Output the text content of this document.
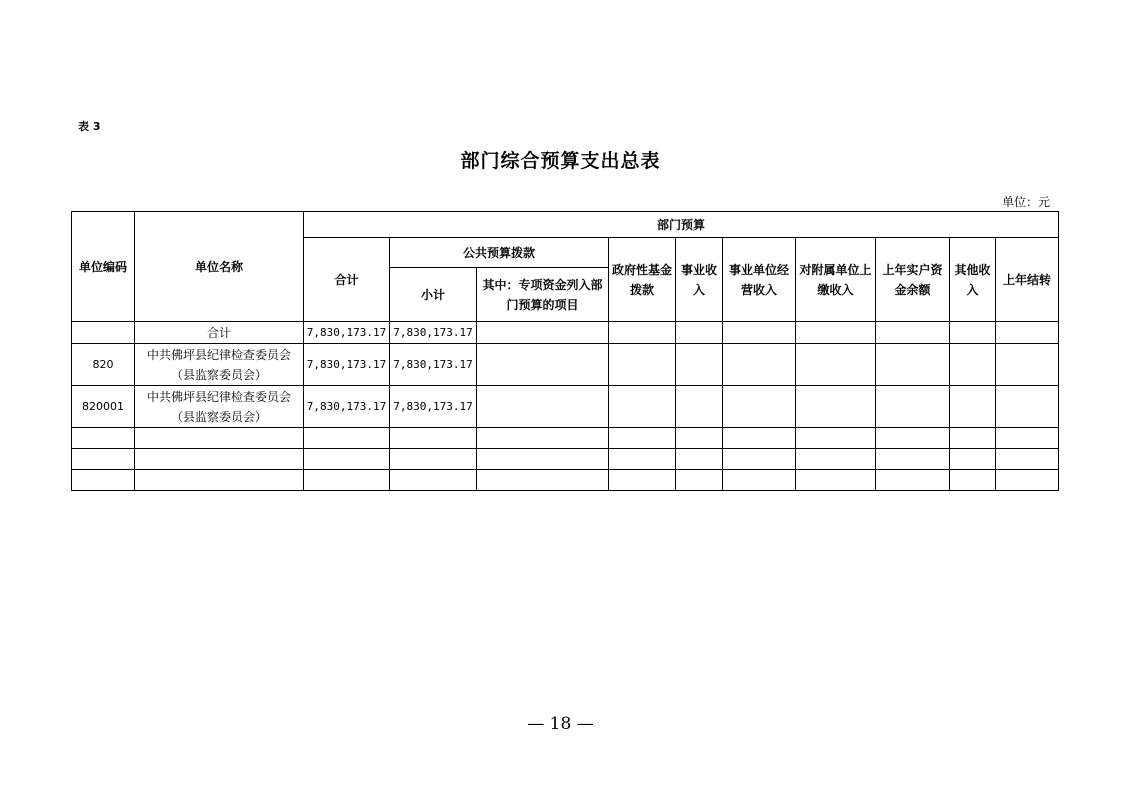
表 3
部门综合预算支出总表
单位：元
单位编码	单位名称	部门预算									
		合计	公共预算拨款		政府性基金拨款	事业收入	事业单位经营收入	对附属单位上缴收入	上年实户资金余额	其他收入	上年结转
			小计	其中：专项资金列入部门预算的项目							
	合计	7,830,173.17	7,830,173.17								
820	中共佛坪县纪律检查委员会（县监察委员会）	7,830,173.17	7,830,173.17								
820001	中共佛坪县纪律检查委员会（县监察委员会）	7,830,173.17	7,830,173.17								

— 18 —
